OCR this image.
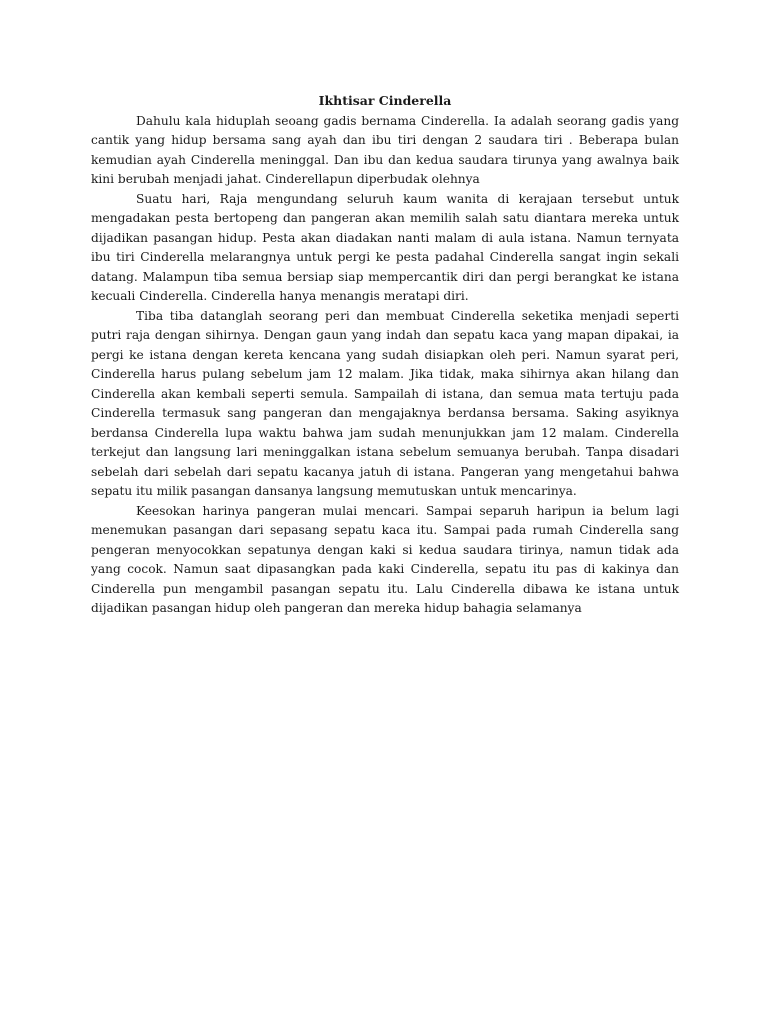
Ikhtisar Cinderella

Dahulu kala hiduplah seoang gadis bernama Cinderella. Ia adalah seorang gadis yang cantik yang hidup bersama sang ayah dan ibu tiri dengan 2 saudara tiri . Beberapa bulan kemudian ayah Cinderella meninggal. Dan ibu dan kedua saudara tirunya yang awalnya baik kini berubah menjadi jahat. Cinderellapun diperbudak olehnya

Suatu hari, Raja mengundang seluruh kaum wanita di kerajaan tersebut untuk mengadakan pesta bertopeng dan pangeran akan memilih salah satu diantara mereka untuk dijadikan pasangan hidup. Pesta akan diadakan nanti malam di aula istana. Namun ternyata ibu tiri Cinderella melarangnya untuk pergi ke pesta padahal Cinderella sangat ingin sekali datang. Malampun tiba semua bersiap siap mempercantik diri dan pergi berangkat ke istana kecuali Cinderella. Cinderella hanya menangis meratapi diri.

Tiba tiba datanglah seorang peri dan membuat Cinderella seketika menjadi seperti putri raja dengan sihirnya. Dengan gaun yang indah dan sepatu kaca yang mapan dipakai, ia pergi ke istana dengan kereta kencana yang sudah disiapkan oleh peri. Namun syarat peri, Cinderella harus pulang sebelum jam 12 malam. Jika tidak, maka sihirnya akan hilang dan Cinderella akan kembali seperti semula. Sampailah di istana, dan semua mata tertuju pada Cinderella termasuk sang pangeran dan mengajaknya berdansa bersama. Saking asyiknya berdansa Cinderella lupa waktu bahwa jam sudah menunjukkan jam 12 malam. Cinderella terkejut dan langsung lari meninggalkan istana sebelum semuanya berubah. Tanpa disadari sebelah dari sebelah dari sepatu kacanya jatuh di istana. Pangeran yang mengetahui bahwa sepatu itu milik pasangan dansanya langsung memutuskan untuk mencarinya.

Keesokan harinya pangeran mulai mencari. Sampai separuh haripun ia belum lagi menemukan pasangan dari sepasang sepatu kaca itu. Sampai pada rumah Cinderella sang pengeran menyocokkan sepatunya dengan kaki si kedua saudara tirinya, namun tidak ada yang cocok. Namun saat dipasangkan pada kaki Cinderella, sepatu itu pas di kakinya dan Cinderella pun mengambil pasangan sepatu itu. Lalu Cinderella dibawa ke istana untuk dijadikan pasangan hidup oleh pangeran dan mereka hidup bahagia selamanya
